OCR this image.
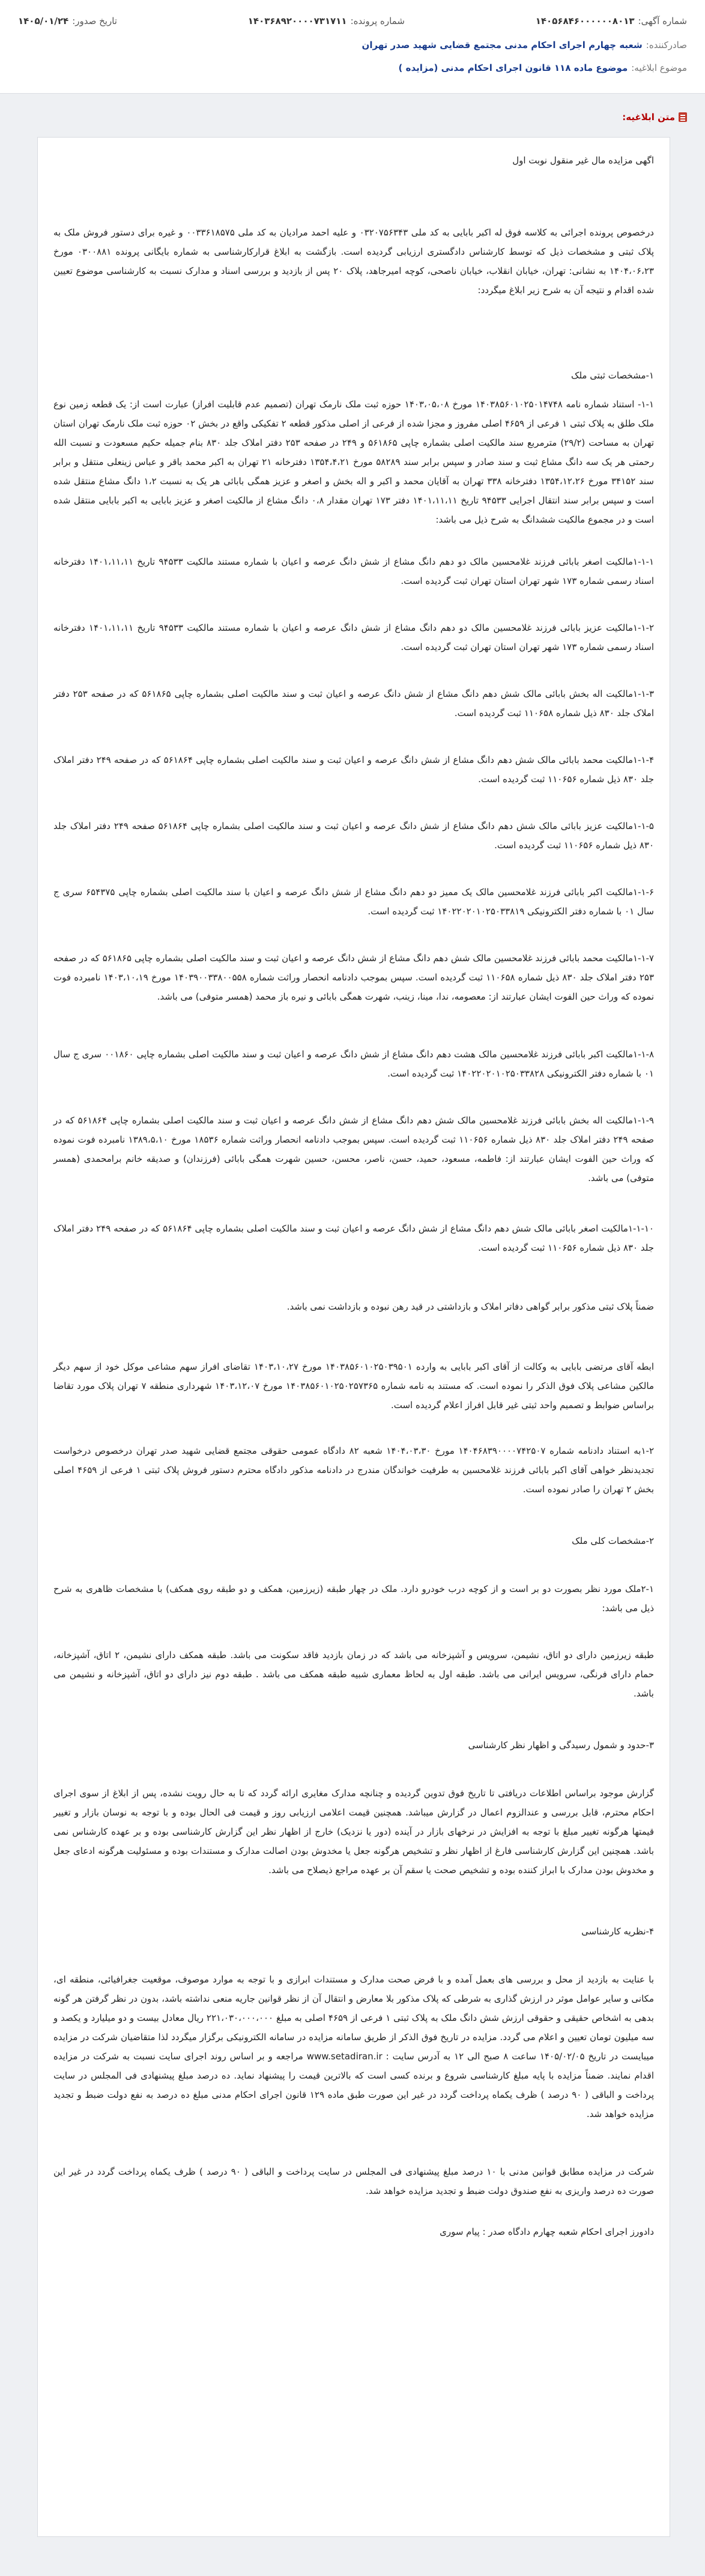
شماره آگهی:۱۴۰۵۶۸۴۶۰۰۰۰۰۰۸۰۱۳
شماره پرونده:۱۴۰۳۶۸۹۲۰۰۰۰۷۳۱۷۱۱
تاریخ صدور:۱۴۰۵/۰۱/۲۴
صادرکننده:شعبه چهارم اجرای احکام مدنی مجتمع قضایی شهید صدر تهران
موضوع ابلاغیه:موضوع ماده ۱۱۸ قانون اجرای احکام مدنی (مزایده )
متن ابلاغیه:
اگهی مزایده مال غیر منقول نوبت اول
درخصوص پرونده اجرائی به کلاسه فوق له اکبر بابایی به کد ملی ۰۳۲۰۷۵۶۳۴۳ و علیه احمد مرادیان به کد ملی ۰۰۳۳۶۱۸۵۷۵ و غیره برای دستور فروش ملک به پلاک ثبتی و مشخصات ذیل که توسط کارشناس دادگستری ارزیابی گردیده است. بازگشت به ابلاغ قرارکارشناسی به شماره بایگانی پرونده ۰۳۰۰۸۸۱ مورخ ۱۴۰۴،۰۶،۲۳ به نشانی: تهران، خیابان انقلاب، خیابان ناصحی، کوچه امیرجاهد، پلاک ۲۰ پس از بازدید و بررسی اسناد و مدارک نسبت به کارشناسی موضوع تعیین شده اقدام و نتیجه آن به شرح زیر ابلاغ میگردد:
۱-مشخصات ثبتی ملک
۱-۱- استناد شماره نامه ۱۴۰۳۸۵۶۰۱۰۲۵۰۱۴۷۴۸ مورخ ۱۴۰۳،۰۵،۰۸ حوزه ثبت ملک نارمک تهران (تصمیم عدم قابلیت افراز) عبارت است از: یک قطعه زمین نوع ملک طلق به پلاک ثبتی ۱ فرعی از ۴۶۵۹ اصلی مفروز و مجزا شده از فرعی از اصلی مذکور قطعه ۲ تفکیکی واقع در بخش ۰۲ حوزه ثبت ملک نارمک تهران استان تهران به مساحت (۲۹/۲) مترمربع سند مالکیت اصلی بشماره چاپی ۵۶۱۸۶۵ و ۲۴۹ در صفحه ۲۵۳ دفتر املاک جلد ۸۳۰ بنام جمیله حکیم مسعودت و نسبت الله رحمتی هر یک سه دانگ مشاع ثبت و سند صادر و سپس برابر سند ۵۸۲۸۹ مورخ ۱۳۵۴،۴،۲۱ دفترخانه ۲۱ تهران به اکبر محمد باقر و عباس زینعلی منتقل و برابر سند ۳۴۱۵۲ مورخ ۱۳۵۴،۱۲،۲۶ دفترخانه ۳۳۸ تهران به آقایان محمد و اکبر و اله بخش و اصغر و عزیز همگی بابائی هر یک به نسبت ۱،۲ دانگ مشاع منتقل شده است و سپس برابر سند انتقال اجرایی ۹۴۵۳۳ تاریخ ۱۴۰۱،۱۱،۱۱ دفتر ۱۷۳ تهران مقدار ۰،۸ دانگ مشاع از مالکیت اصغر و عزیز بابایی به اکبر بابایی منتقل شده است و در مجموع مالکیت ششدانگ به شرح ذیل می باشد:
۱-۱-۱مالکیت اصغر بابائی فرزند غلامحسین مالک دو دهم دانگ مشاع از شش دانگ عرصه و اعیان با شماره مستند مالکیت ۹۴۵۳۳ تاریخ ۱۴۰۱،۱۱،۱۱ دفترخانه اسناد رسمی شماره ۱۷۳ شهر تهران استان تهران ثبت گردیده است.
۱-۱-۲مالکیت عزیز بابائی فرزند غلامحسین مالک دو دهم دانگ مشاع از شش دانگ عرصه و اعیان با شماره مستند مالکیت ۹۴۵۳۳ تاریخ ۱۴۰۱،۱۱،۱۱ دفترخانه اسناد رسمی شماره ۱۷۳ شهر تهران استان تهران ثبت گردیده است.
۱-۱-۳مالکیت اله بخش بابائی مالک شش دهم دانگ مشاع از شش دانگ عرصه و اعیان ثبت و سند مالکیت اصلی بشماره چاپی ۵۶۱۸۶۵ که در صفحه ۲۵۳ دفتر املاک جلد ۸۳۰ ذیل شماره ۱۱۰۶۵۸ ثبت گردیده است.
۱-۱-۴مالکیت محمد بابائی مالک شش دهم دانگ مشاع از شش دانگ عرصه و اعیان ثبت و سند مالکیت اصلی بشماره چاپی ۵۶۱۸۶۴ که در صفحه ۲۴۹ دفتر املاک جلد ۸۳۰ ذیل شماره ۱۱۰۶۵۶ ثبت گردیده است.
۱-۱-۵مالکیت عزیز بابائی مالک شش دهم دانگ مشاع از شش دانگ عرصه و اعیان ثبت و سند مالکیت اصلی بشماره چاپی ۵۶۱۸۶۴ صفحه ۲۴۹ دفتر املاک جلد ۸۳۰ ذیل شماره ۱۱۰۶۵۶ ثبت گردیده است.
۱-۱-۶مالکیت اکبر بابائی فرزند غلامحسین مالک یک ممیز دو دهم دانگ مشاع از شش دانگ عرصه و اعیان با سند مالکیت اصلی بشماره چاپی ۶۵۴۳۷۵ سری ج سال ۰۱ با شماره دفتر الکترونیکی ۱۴۰۲۲۰۲۰۱۰۲۵۰۳۳۸۱۹ ثبت گردیده است.
۱-۱-۷مالکیت محمد بابائی فرزند غلامحسین مالک شش دهم دانگ مشاع از شش دانگ عرصه و اعیان ثبت و سند مالکیت اصلی بشماره چاپی ۵۶۱۸۶۵ که در صفحه ۲۵۳ دفتر املاک جلد ۸۳۰ ذیل شماره ۱۱۰۶۵۸ ثبت گردیده است. سپس بموجب دادنامه انحصار وراثت شماره ۱۴۰۳۹۰۰۳۳۸۰۰۵۵۸ مورخ ۱۴۰۳،۱۰،۱۹ نامبرده فوت نموده که وراث حین الفوت ایشان عبارتند از: معصومه، ندا، مینا، زینب، شهرت همگی بابائی و نیره باز محمد (همسر متوفی) می باشد.
۱-۱-۸مالکیت اکبر بابائی فرزند غلامحسین مالک هشت دهم دانگ مشاع از شش دانگ عرصه و اعیان ثبت و سند مالکیت اصلی بشماره چاپی ۰۰۱۸۶۰ سری ج سال ۰۱ با شماره دفتر الکترونیکی ۱۴۰۲۲۰۲۰۱۰۲۵۰۳۳۸۲۸ ثبت گردیده است.
۱-۱-۹مالکیت اله بخش بابائی فرزند غلامحسین مالک شش دهم دانگ مشاع از شش دانگ عرصه و اعیان ثبت و سند مالکیت اصلی بشماره چاپی ۵۶۱۸۶۴ که در صفحه ۲۴۹ دفتر املاک جلد ۸۳۰ ذیل شماره ۱۱۰۶۵۶ ثبت گردیده است. سپس بموجب دادنامه انحصار وراثت شماره ۱۸۵۳۶ مورخ ۱۳۸۹،۵،۱۰ نامبرده فوت نموده که وراث حین الفوت ایشان عبارتند از: فاطمه، مسعود، حمید، حسن، ناصر، محسن، حسین شهرت همگی بابائی (فرزندان) و صدیقه خانم برامحمدی (همسر متوفی) می باشد.
۱-۱-۱۰مالکیت اصغر بابائی مالک شش دهم دانگ مشاع از شش دانگ عرصه و اعیان ثبت و سند مالکیت اصلی بشماره چاپی ۵۶۱۸۶۴ که در صفحه ۲۴۹ دفتر املاک جلد ۸۳۰ ذیل شماره ۱۱۰۶۵۶ ثبت گردیده است.
ضمناً پلاک ثبتی مذکور برابر گواهی دفاتر املاک و بازداشتی در قید رهن نبوده و بازداشت نمی باشد.
ابطه آقای مرتضی بابایی به وکالت از آقای اکبر بابایی به وارده ۱۴۰۳۸۵۶۰۱۰۲۵۰۳۹۵۰۱ مورخ ۱۴۰۳،۱۰،۲۷ تقاضای افراز سهم مشاعی موکل خود از سهم دیگر مالکین مشاعی پلاک فوق الذکر را نموده است. که مستند به نامه شماره ۱۴۰۳۸۵۶۰۱۰۲۵۰۲۵۷۳۶۵ مورخ ۱۴۰۳،۱۲،۰۷ شهرداری منطقه ۷ تهران پلاک مورد تقاضا براساس ضوابط و تصمیم واحد ثبتی غیر قابل افراز اعلام گردیده است.
۱-۲به استناد دادنامه شماره ۱۴۰۴۶۸۳۹۰۰۰۰۷۴۲۵۰۷ مورخ ۱۴۰۴،۰۳،۳۰ شعبه ۸۲ دادگاه عمومی حقوقی مجتمع قضایی شهید صدر تهران درخصوص درخواست تجدیدنظر خواهی آقای اکبر بابائی فرزند غلامحسین به طرفیت خواندگان مندرج در دادنامه مذکور دادگاه محترم دستور فروش پلاک ثبتی ۱ فرعی از ۴۶۵۹ اصلی بخش ۲ تهران را صادر نموده است.
۲-مشخصات کلی ملک
۲-۱ملک مورد نظر بصورت دو بر است و از کوچه درب خودرو دارد. ملک در چهار طبقه (زیرزمین، همکف و دو طبقه روی همکف) با مشخصات ظاهری به شرح ذیل می باشد:
طبقه زیرزمین دارای دو اتاق، نشیمن، سرویس و آشپزخانه می باشد که در زمان بازدید فاقد سکونت می باشد. طبقه همکف دارای نشیمن، ۲ اتاق، آشپزخانه، حمام دارای فرنگی، سرویس ایرانی می باشد. طبقه اول به لحاظ معماری شبیه طبقه همکف می باشد . طبقه دوم نیز دارای دو اتاق، آشپزخانه و نشیمن می باشد.
۳-حدود و شمول رسیدگی و اظهار نظر کارشناسی
گزارش موجود براساس اطلاعات دریافتی تا تاریخ فوق تدوین گردیده و چنانچه مدارک مغایری ارائه گردد که تا به حال رویت نشده، پس از ابلاغ از سوی اجرای احکام محترم، قابل بررسی و عندالزوم اعمال در گزارش میباشد. همچنین قیمت اعلامی ارزیابی روز و قیمت فی الحال بوده و با توجه به نوسان بازار و تغییر قیمتها هرگونه تغییر مبلغ با توجه به افزایش در نرخهای بازار در آینده (دور یا نزدیک) خارج از اظهار نظر این گزارش کارشناسی بوده و بر عهده کارشناس نمی باشد. همچنین این گزارش کارشناسی فارغ از اظهار نظر و تشخیص هرگونه جعل یا مخدوش بودن اصالت مدارک و مستندات بوده و مسئولیت هرگونه ادعای جعل و مخدوش بودن مدارک با ابراز کننده بوده و تشخیص صحت یا سقم آن بر عهده مراجع ذیصلاح می باشد.
۴-نظریه کارشناسی
با عنایت به بازدید از محل و بررسی های بعمل آمده و با فرض صحت مدارک و مستندات ابرازی و با توجه به موارد موصوف، موقعیت جغرافیائی، منطقه ای، مکانی و سایر عوامل موثر در ارزش گذاری به شرطی که پلاک مذکور بلا معارض و انتقال آن از نظر قوانین جاریه منعی نداشته باشد، بدون در نظر گرفتن هر گونه بدهی به اشخاص حقیقی و حقوقی ارزش شش دانگ ملک به پلاک ثبتی ۱ فرعی از ۴۶۵۹ اصلی به مبلغ ۲۲۱،۰۳۰،۰۰۰،۰۰۰ ریال معادل بیست و دو میلیارد و یکصد و سه میلیون تومان تعیین و اعلام می گردد. مزایده در تاریخ فوق الذکر از طریق سامانه مزایده در سامانه الکترونیکی برگزار میگردد لذا متقاضیان شرکت در مزایده میبایست در تاریخ ۱۴۰۵/۰۲/۰۵ ساعت ۸ صبح الی ۱۲ به آدرس سایت : www.setadiran.ir مراجعه و بر اساس روند اجرای سایت نسبت به شرکت در مزایده اقدام نمایند. ضمناً مزایده با پایه مبلغ کارشناسی شروع و برنده کسی است که بالاترین قیمت را پیشنهاد نماید. ده درصد مبلغ پیشنهادی فی المجلس در سایت پرداخت و الباقی ( ۹۰ درصد ) ظرف یکماه پرداخت گردد در غیر این صورت طبق ماده ۱۲۹ قانون اجرای احکام مدنی مبلغ ده درصد به نفع دولت ضبط و تجدید مزایده خواهد شد.
شرکت در مزایده مطابق قوانین مدنی با ۱۰ درصد مبلغ پیشنهادی فی المجلس در سایت پرداخت و الباقی ( ۹۰ درصد ) ظرف یکماه پرداخت گردد در غیر این صورت ده درصد واریزی به نفع صندوق دولت ضبط و تجدید مزایده خواهد شد.
دادورز اجرای احکام شعبه چهارم دادگاه صدر : پیام سوری
